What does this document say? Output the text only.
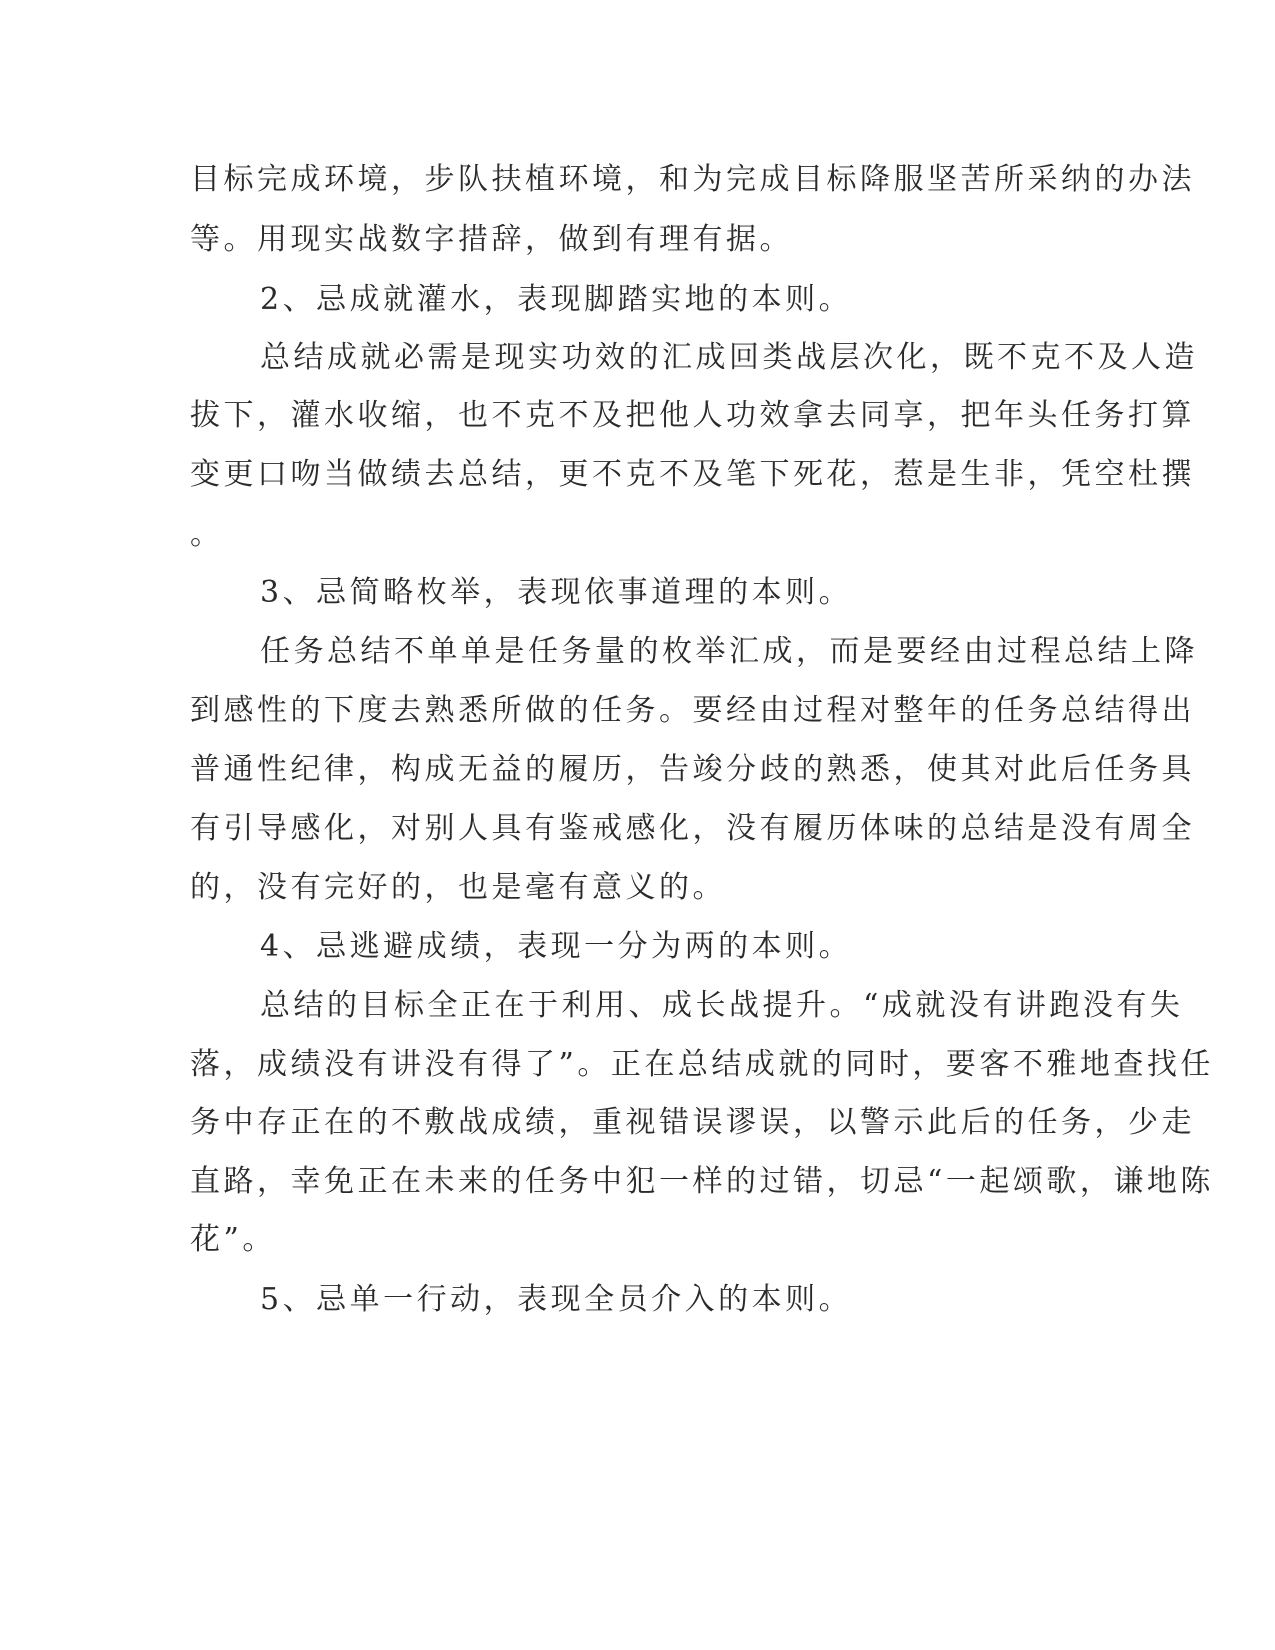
目标完成环境，步队扶植环境，和为完成目标降服坚苦所采纳的办法
等。用现实战数字措辞，做到有理有据。
2、忌成就灌水，表现脚踏实地的本则。
总结成就必需是现实功效的汇成回类战层次化，既不克不及人造
拔下，灌水收缩，也不克不及把他人功效拿去同享，把年头任务打算
变更口吻当做绩去总结，更不克不及笔下死花，惹是生非，凭空杜撰
。
3、忌简略枚举，表现依事道理的本则。
任务总结不单单是任务量的枚举汇成，而是要经由过程总结上降
到感性的下度去熟悉所做的任务。要经由过程对整年的任务总结得出
普通性纪律，构成无益的履历，告竣分歧的熟悉，使其对此后任务具
有引导感化，对别人具有鉴戒感化，没有履历体味的总结是没有周全
的，没有完好的，也是毫有意义的。
4、忌逃避成绩，表现一分为两的本则。
总结的目标全正在于利用、成长战提升。“成就没有讲跑没有失
落，成绩没有讲没有得了”。正在总结成就的同时，要客不雅地查找任
务中存正在的不敷战成绩，重视错误谬误，以警示此后的任务，少走
直路，幸免正在未来的任务中犯一样的过错，切忌“一起颂歌，谦地陈
花”。
5、忌单一行动，表现全员介入的本则。
